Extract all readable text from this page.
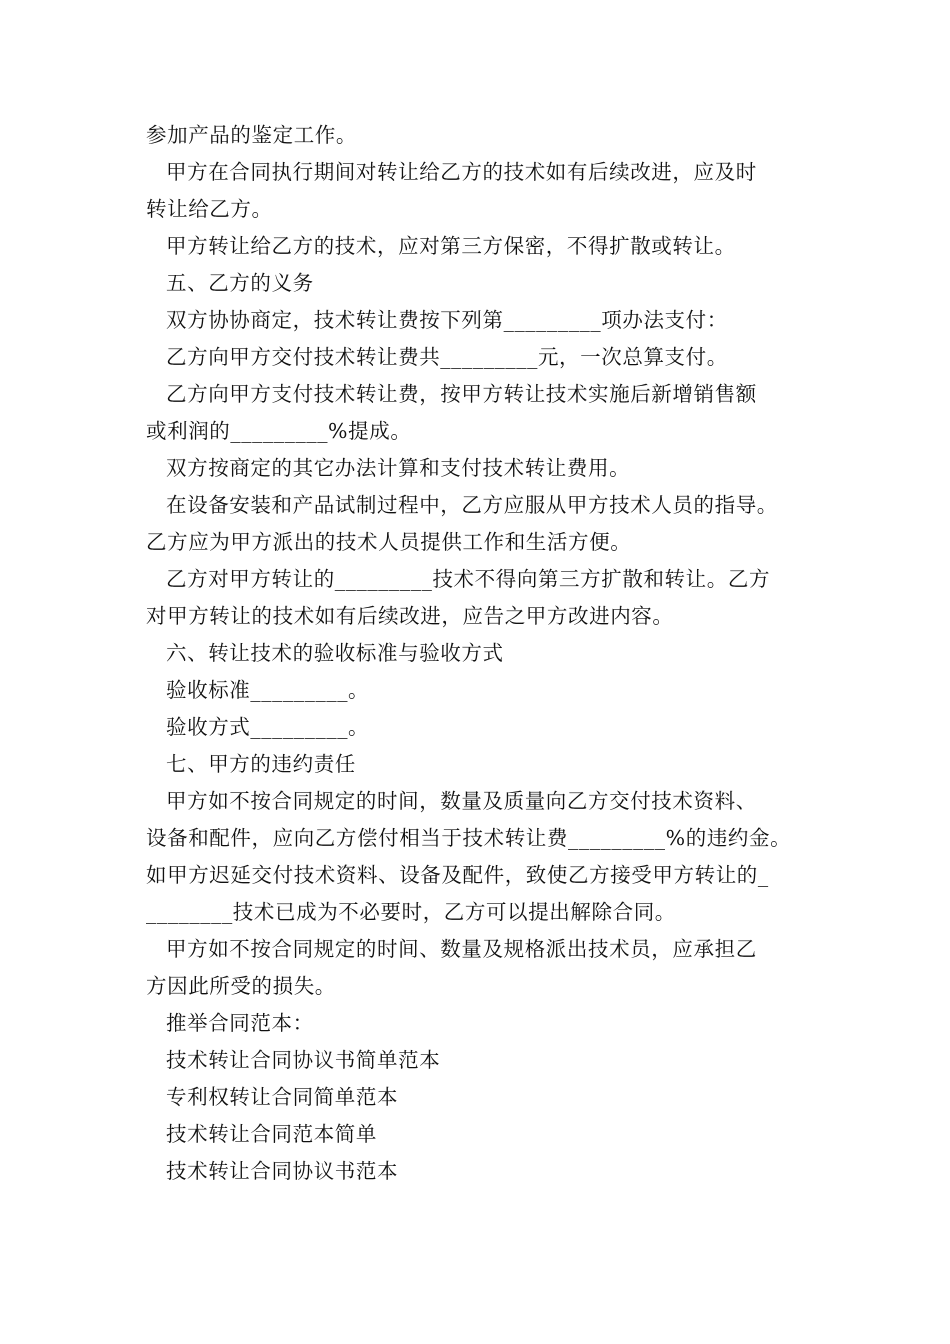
参加产品的鉴定工作。
甲方在合同执行期间对转让给乙方的技术如有后续改进，应及时
转让给乙方。
甲方转让给乙方的技术，应对第三方保密，不得扩散或转让。
五、乙方的义务
双方协协商定，技术转让费按下列第_________项办法支付：
乙方向甲方交付技术转让费共_________元，一次总算支付。
乙方向甲方支付技术转让费，按甲方转让技术实施后新增销售额
或利润的_________%提成。
双方按商定的其它办法计算和支付技术转让费用。
在设备安装和产品试制过程中，乙方应服从甲方技术人员的指导。
乙方应为甲方派出的技术人员提供工作和生活方便。
乙方对甲方转让的_________技术不得向第三方扩散和转让。乙方
对甲方转让的技术如有后续改进，应告之甲方改进内容。
六、转让技术的验收标准与验收方式
验收标准_________。
验收方式_________。
七、甲方的违约责任
甲方如不按合同规定的时间，数量及质量向乙方交付技术资料、
设备和配件，应向乙方偿付相当于技术转让费_________%的违约金。
如甲方迟延交付技术资料、设备及配件，致使乙方接受甲方转让的_
________技术已成为不必要时，乙方可以提出解除合同。
甲方如不按合同规定的时间、数量及规格派出技术员，应承担乙
方因此所受的损失。
推举合同范本：
技术转让合同协议书简单范本
专利权转让合同简单范本
技术转让合同范本简单
技术转让合同协议书范本
